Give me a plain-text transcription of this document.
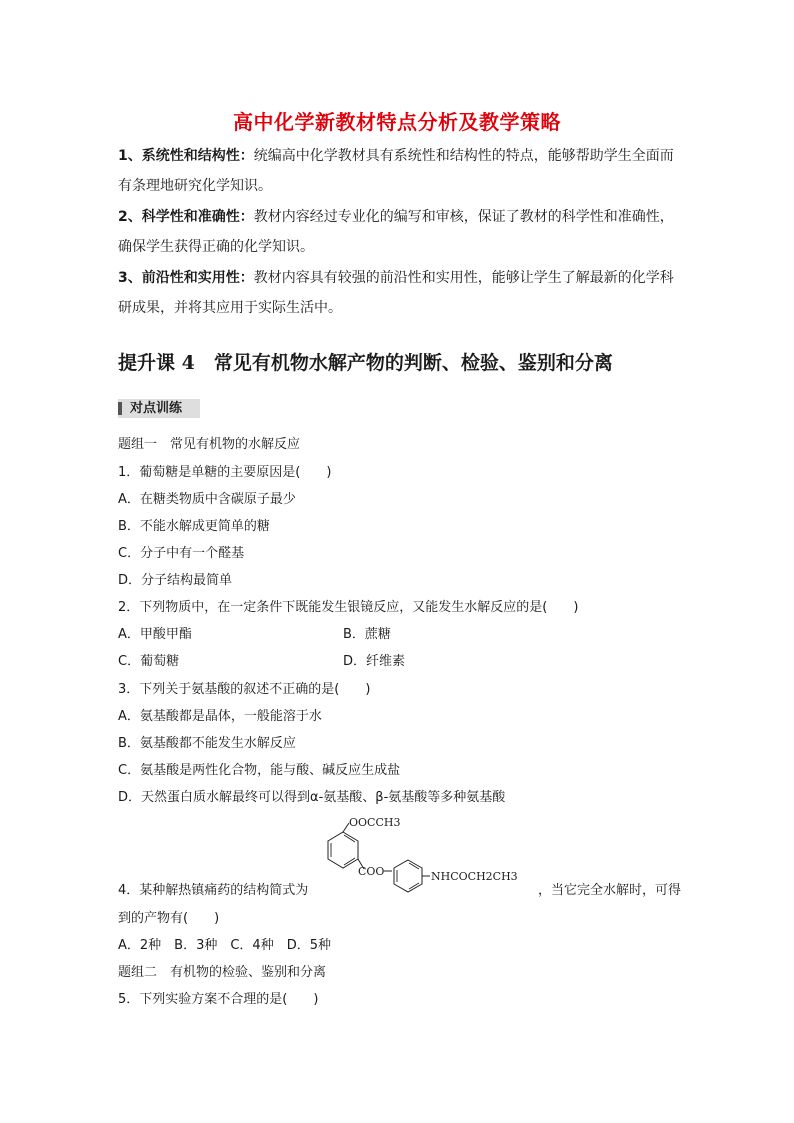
高中化学新教材特点分析及教学策略
1、系统性和结构性：统编高中化学教材具有系统性和结构性的特点，能够帮助学生全面而有条理地研究化学知识。
2、科学性和准确性：教材内容经过专业化的编写和审核，保证了教材的科学性和准确性，确保学生获得正确的化学知识。
3、前沿性和实用性：教材内容具有较强的前沿性和实用性，能够让学生了解最新的化学科研成果，并将其应用于实际生活中。
提升课 4　常见有机物水解产物的判断、检验、鉴别和分离
对点训练
题组一　常见有机物的水解反应
1．葡萄糖是单糖的主要原因是(　　)
A．在糖类物质中含碳原子最少
B．不能水解成更简单的糖
C．分子中有一个醛基
D．分子结构最简单
2．下列物质中，在一定条件下既能发生银镜反应，又能发生水解反应的是(　　)
A．甲酸甲酯	B．蔗糖
C．葡萄糖	D．纤维素
3．下列关于氨基酸的叙述不正确的是(　　)
A．氨基酸都是晶体，一般能溶于水
B．氨基酸都不能发生水解反应
C．氨基酸是两性化合物，能与酸、碱反应生成盐
D．天然蛋白质水解最终可以得到α-氨基酸、β-氨基酸等多种氨基酸
OOCCH3
COO	NHCOCH2CH3
4．某种解热镇痛药的结构简式为	，当它完全水解时，可得
到的产物有(　　)
A．2种　B．3种　C．4种　D．5种
题组二　有机物的检验、鉴别和分离
5．下列实验方案不合理的是(　　)
